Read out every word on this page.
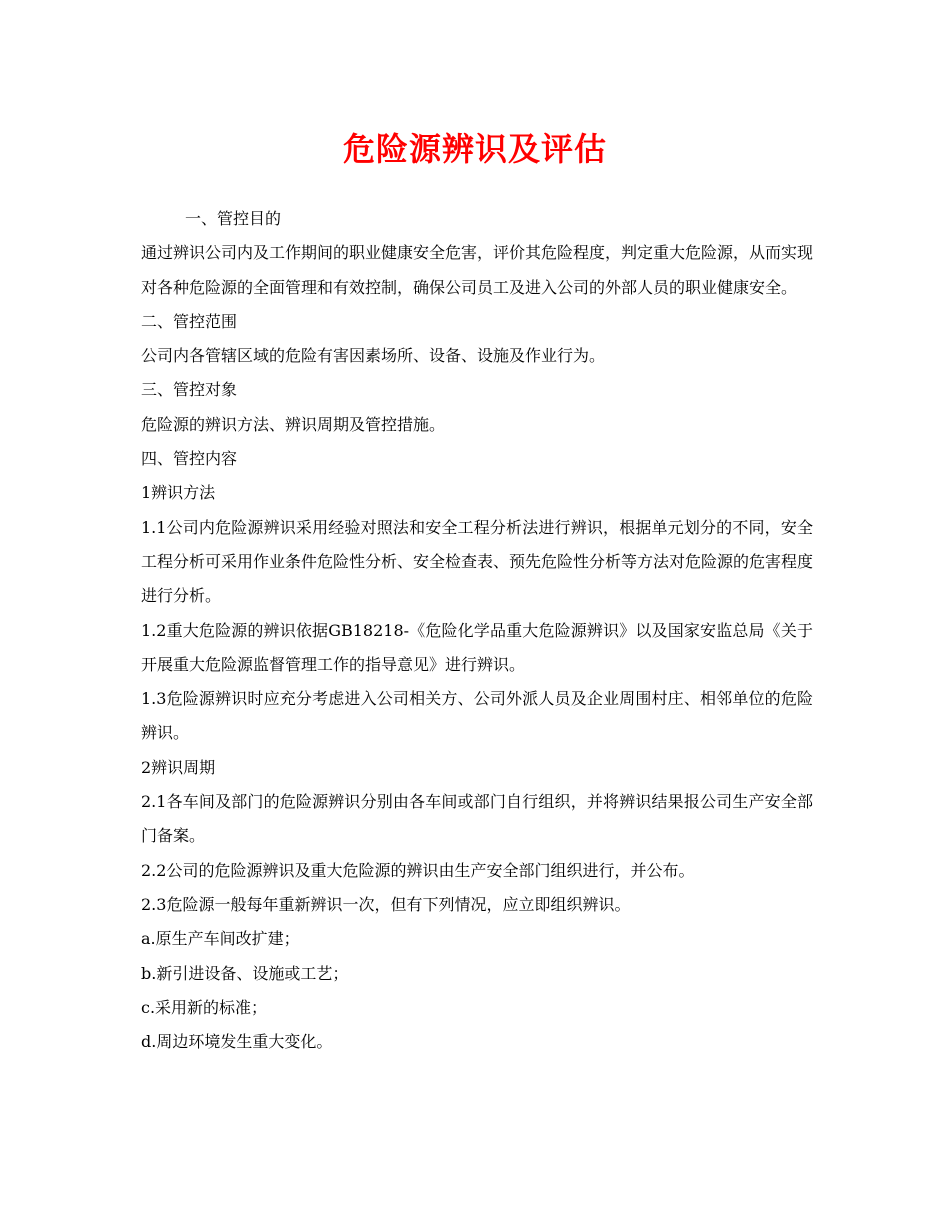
危险源辨识及评估

一、管控目的

通过辨识公司内及工作期间的职业健康安全危害，评价其危险程度，判定重大危险源，从而实现对各种危险源的全面管理和有效控制，确保公司员工及进入公司的外部人员的职业健康安全。

二、管控范围

公司内各管辖区域的危险有害因素场所、设备、设施及作业行为。

三、管控对象

危险源的辨识方法、辨识周期及管控措施。

四、管控内容

1辨识方法

1.1公司内危险源辨识采用经验对照法和安全工程分析法进行辨识，根据单元划分的不同，安全工程分析可采用作业条件危险性分析、安全检查表、预先危险性分析等方法对危险源的危害程度进行分析。

1.2重大危险源的辨识依据GB18218-《危险化学品重大危险源辨识》以及国家安监总局《关于开展重大危险源监督管理工作的指导意见》进行辨识。

1.3危险源辨识时应充分考虑进入公司相关方、公司外派人员及企业周围村庄、相邻单位的危险辨识。

2辨识周期

2.1各车间及部门的危险源辨识分别由各车间或部门自行组织，并将辨识结果报公司生产安全部门备案。

2.2公司的危险源辨识及重大危险源的辨识由生产安全部门组织进行，并公布。

2.3危险源一般每年重新辨识一次，但有下列情况，应立即组织辨识。

a.原生产车间改扩建；

b.新引进设备、设施或工艺；

c.采用新的标准；

d.周边环境发生重大变化。
